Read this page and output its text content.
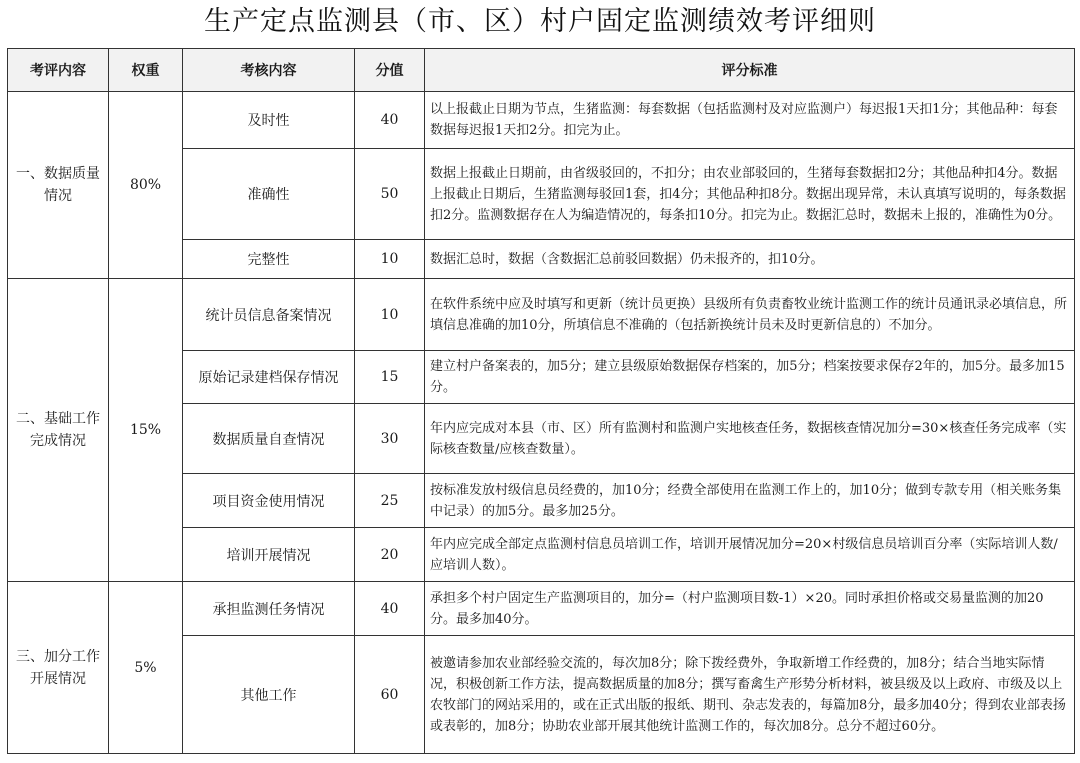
生产定点监测县（市、区）村户固定监测绩效考评细则
考评内容	权重	考核内容	分值	评分标准
一、数据质量情况	80%	及时性	40	以上报截止日期为节点，生猪监测：每套数据（包括监测村及对应监测户）每迟报1天扣1分；其他品种：每套数据每迟报1天扣2分。扣完为止。
		准确性	50	数据上报截止日期前，由省级驳回的，不扣分；由农业部驳回的，生猪每套数据扣2分；其他品种扣4分。数据上报截止日期后，生猪监测每驳回1套，扣4分；其他品种扣8分。数据出现异常，未认真填写说明的，每条数据扣2分。监测数据存在人为编造情况的，每条扣10分。扣完为止。数据汇总时，数据未上报的，准确性为0分。
		完整性	10	数据汇总时，数据（含数据汇总前驳回数据）仍未报齐的，扣10分。
二、基础工作完成情况	15%	统计员信息备案情况	10	在软件系统中应及时填写和更新（统计员更换）县级所有负责畜牧业统计监测工作的统计员通讯录必填信息，所填信息准确的加10分，所填信息不准确的（包括新换统计员未及时更新信息的）不加分。
		原始记录建档保存情况	15	建立村户备案表的，加5分；建立县级原始数据保存档案的，加5分；档案按要求保存2年的，加5分。最多加15分。
		数据质量自查情况	30	年内应完成对本县（市、区）所有监测村和监测户实地核查任务，数据核查情况加分=30×核查任务完成率（实际核查数量/应核查数量）。
		项目资金使用情况	25	按标准发放村级信息员经费的，加10分；经费全部使用在监测工作上的，加10分；做到专款专用（相关账务集中记录）的加5分。最多加25分。
		培训开展情况	20	年内应完成全部定点监测村信息员培训工作，培训开展情况加分=20×村级信息员培训百分率（实际培训人数/应培训人数）。
三、加分工作开展情况	5%	承担监测任务情况	40	承担多个村户固定生产监测项目的，加分=（村户监测项目数-1）×20。同时承担价格或交易量监测的加20分。最多加40分。
		其他工作	60	被邀请参加农业部经验交流的，每次加8分；除下拨经费外，争取新增工作经费的，加8分；结合当地实际情况，积极创新工作方法，提高数据质量的加8分；撰写畜禽生产形势分析材料，被县级及以上政府、市级及以上农牧部门的网站采用的，或在正式出版的报纸、期刊、杂志发表的，每篇加8分，最多加40分；得到农业部表扬或表彰的，加8分；协助农业部开展其他统计监测工作的，每次加8分。总分不超过60分。
